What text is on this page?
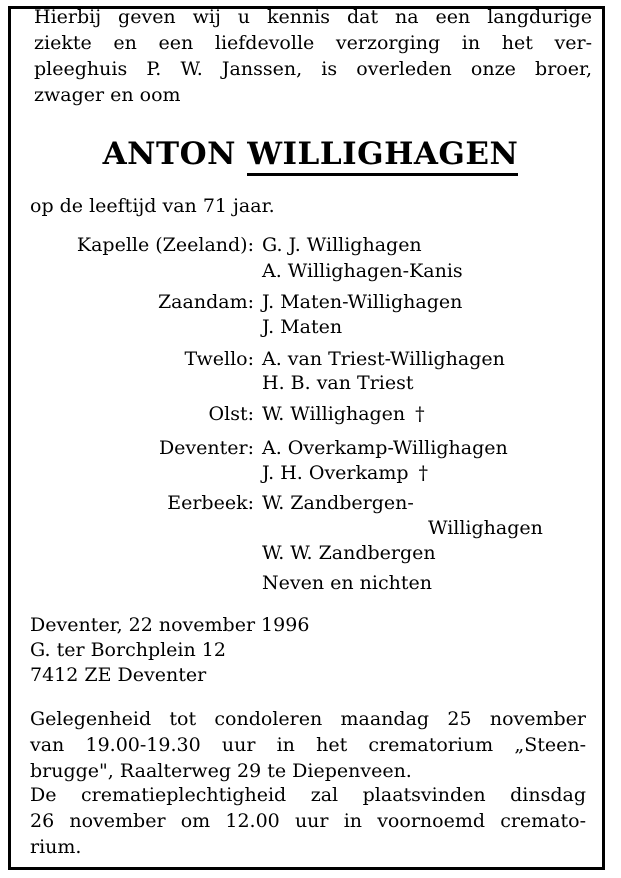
Hierbij geven wij u kennis dat na een langdurige
ziekte en een liefdevolle verzorging in het ver-
pleeghuis P. W. Janssen, is overleden onze broer,
zwager en oom
ANTON WILLIGHAGEN
op de leeftijd van 71 jaar.
Kapelle (Zeeland): G. J. Willighagen
A. Willighagen-Kanis
Zaandam: J. Maten-Willighagen
J. Maten
Twello: A. van Triest-Willighagen
H. B. van Triest
Olst: W. Willighagen †
Deventer: A. Overkamp-Willighagen
J. H. Overkamp †
Eerbeek: W. Zandbergen-
Willighagen
W. W. Zandbergen
Neven en nichten
Deventer, 22 november 1996
G. ter Borchplein 12
7412 ZE Deventer
Gelegenheid tot condoleren maandag 25 november
van 19.00-19.30 uur in het crematorium „Steen-
brugge", Raalterweg 29 te Diepenveen.
De crematieplechtigheid zal plaatsvinden dinsdag
26 november om 12.00 uur in voornoemd cremato-
rium.
